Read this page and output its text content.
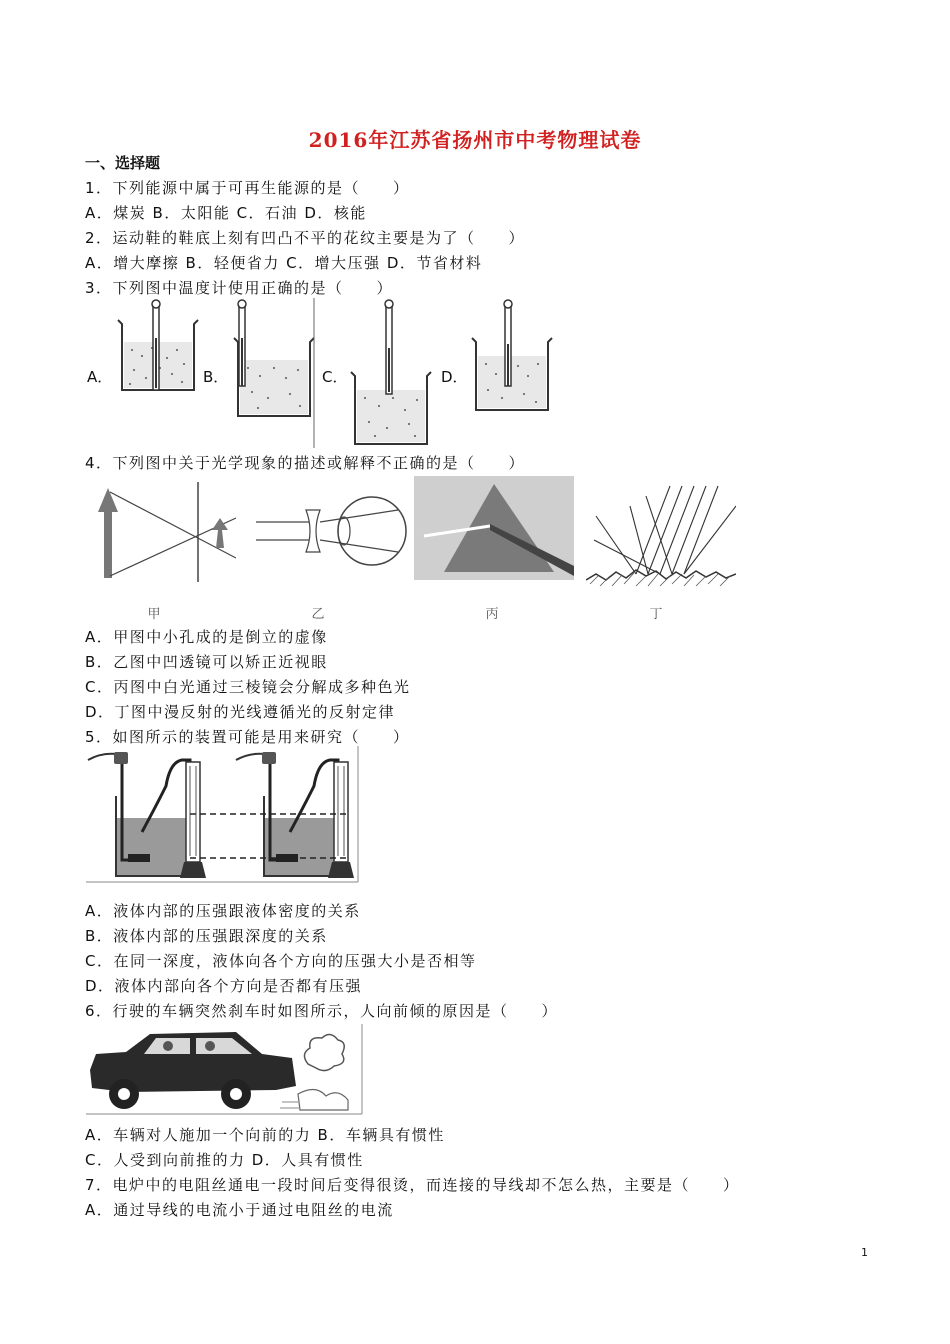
2016年江苏省扬州市中考物理试卷
一、选择题
1．下列能源中属于可再生能源的是（　　）
A．煤炭 B．太阳能 C．石油 D．核能
2．运动鞋的鞋底上刻有凹凸不平的花纹主要是为了（　　）
A．增大摩擦 B．轻便省力 C．增大压强 D．节省材料
3．下列图中温度计使用正确的是（　　）
A．	B．	C．	D．
4．下列图中关于光学现象的描述或解释不正确的是（　　）
甲	乙	丙	丁
A．甲图中小孔成的是倒立的虚像
B．乙图中凹透镜可以矫正近视眼
C．丙图中白光通过三棱镜会分解成多种色光
D．丁图中漫反射的光线遵循光的反射定律
5．如图所示的装置可能是用来研究（　　）
A．液体内部的压强跟液体密度的关系
B．液体内部的压强跟深度的关系
C．在同一深度，液体向各个方向的压强大小是否相等
D．液体内部向各个方向是否都有压强
6．行驶的车辆突然刹车时如图所示，人向前倾的原因是（　　）
A．车辆对人施加一个向前的力 B．车辆具有惯性
C．人受到向前推的力 D．人具有惯性
7．电炉中的电阻丝通电一段时间后变得很烫，而连接的导线却不怎么热，主要是（　　）
A．通过导线的电流小于通过电阻丝的电流
1
